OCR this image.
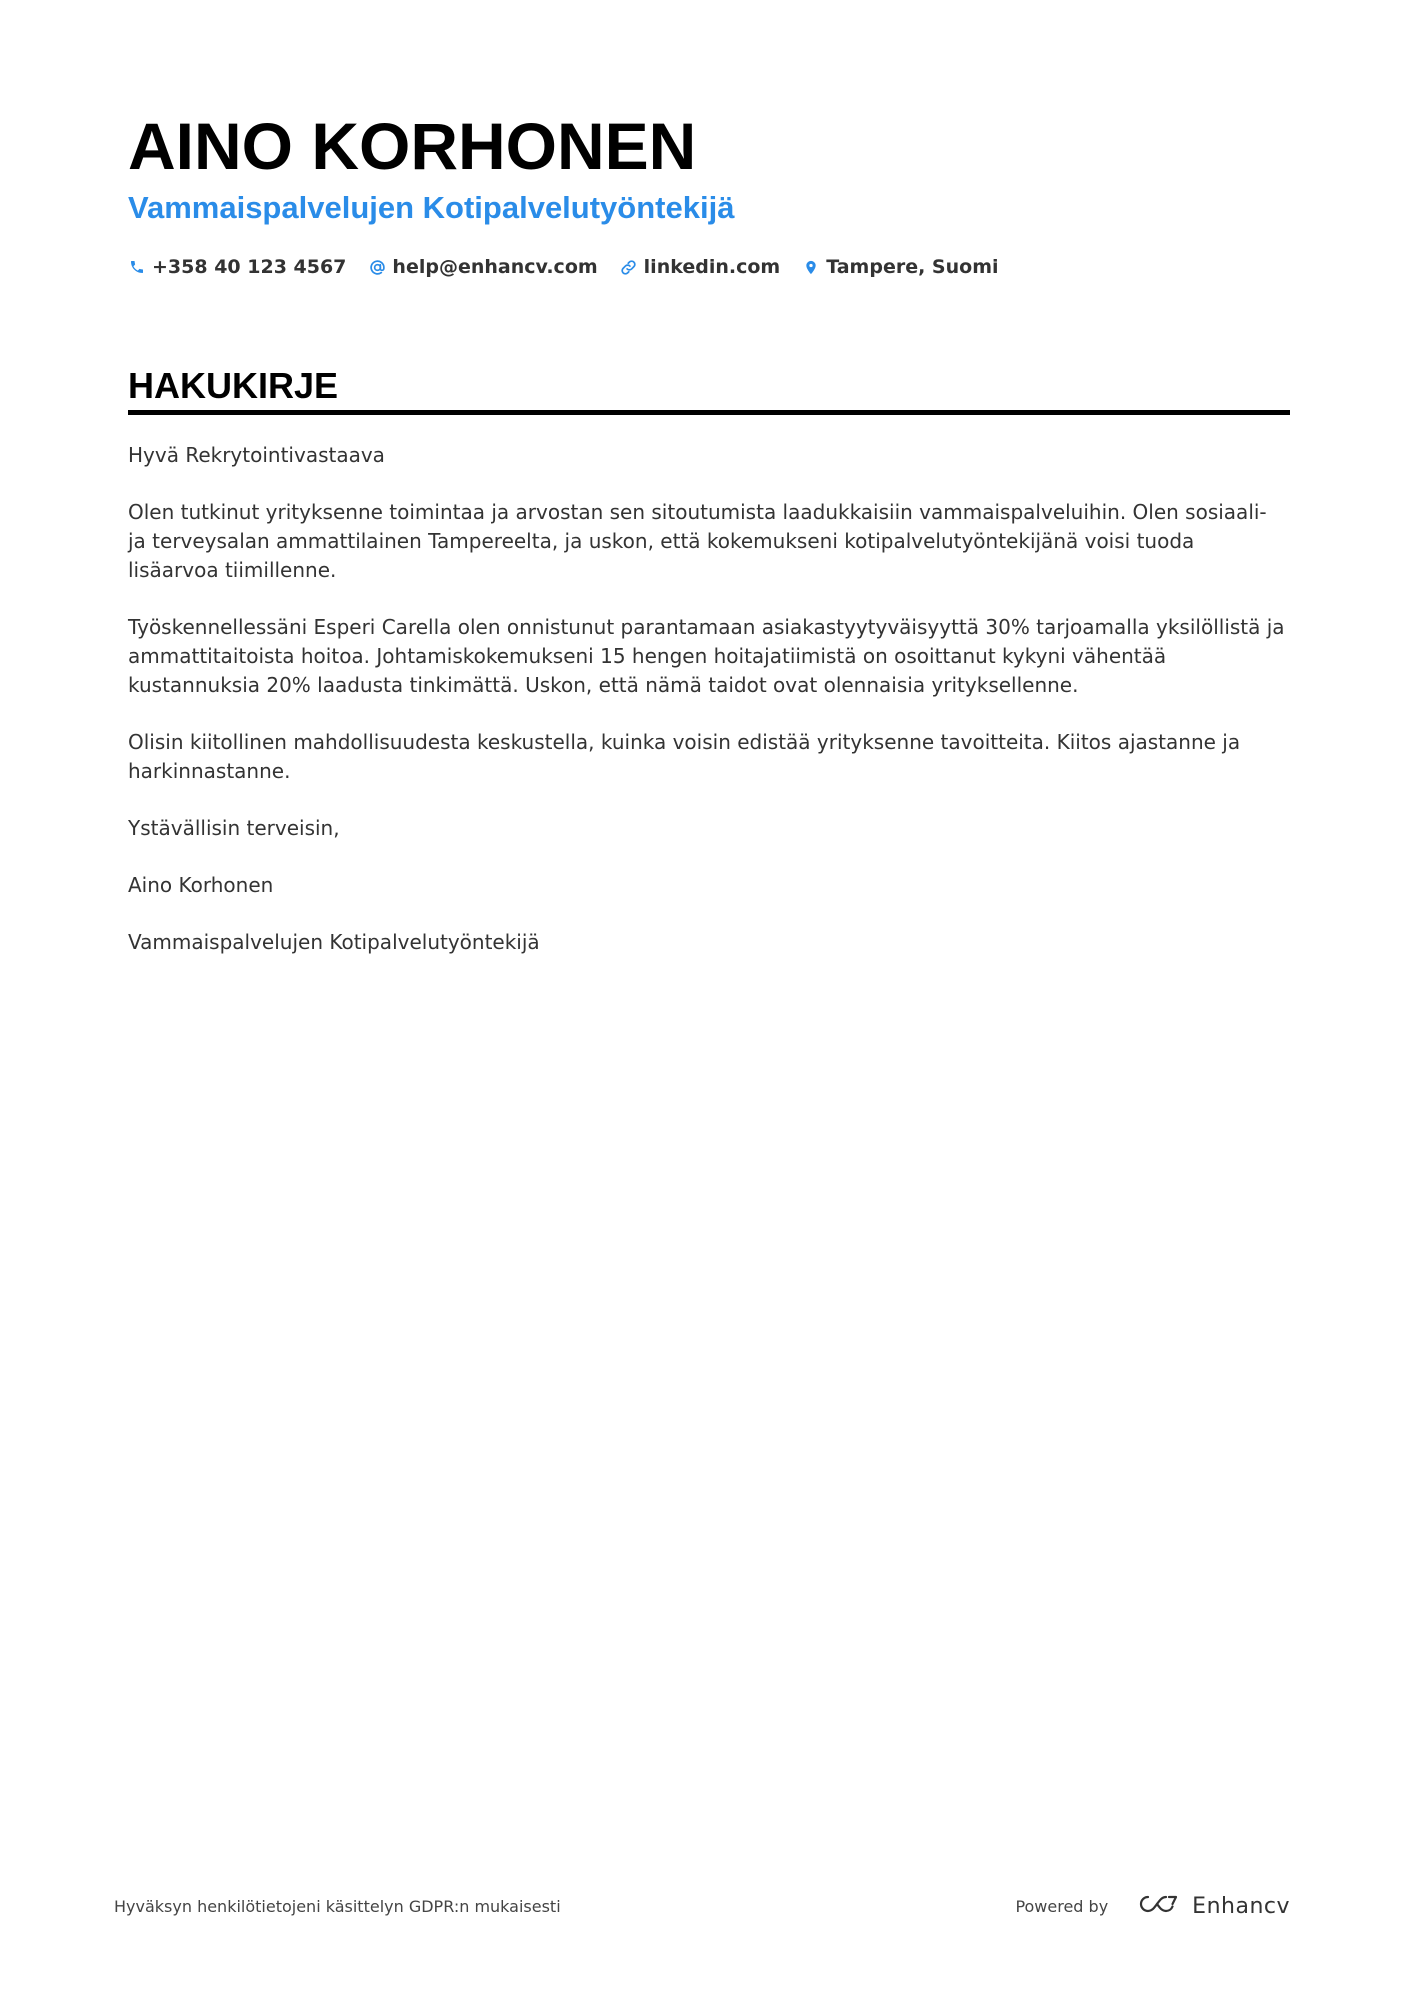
AINO KORHONEN
Vammaispalvelujen Kotipalvelutyöntekijä
+358 40 123 4567 help@enhancv.com linkedin.com Tampere, Suomi
HAKUKIRJE

Hyvä Rekrytointivastaava

Olen tutkinut yrityksenne toimintaa ja arvostan sen sitoutumista laadukkaisiin vammaispalveluihin. Olen sosiaali- ja terveysalan ammattilainen Tampereelta, ja uskon, että kokemukseni kotipalvelutyöntekijänä voisi tuoda lisäarvoa tiimillenne.

Työskennellessäni Esperi Carella olen onnistunut parantamaan asiakastyytyväisyyttä 30% tarjoamalla yksilöllistä ja ammattitaitoista hoitoa. Johtamiskokemukseni 15 hengen hoitajatiimistä on osoittanut kykyni vähentää kustannuksia 20% laadusta tinkimättä. Uskon, että nämä taidot ovat olennaisia yrityksellenne.

Olisin kiitollinen mahdollisuudesta keskustella, kuinka voisin edistää yrityksenne tavoitteita. Kiitos ajastanne ja harkinnastanne.

Ystävällisin terveisin,

Aino Korhonen

Vammaispalvelujen Kotipalvelutyöntekijä

Hyväksyn henkilötietojeni käsittelyn GDPR:n mukaisesti	Powered by	Enhancv
